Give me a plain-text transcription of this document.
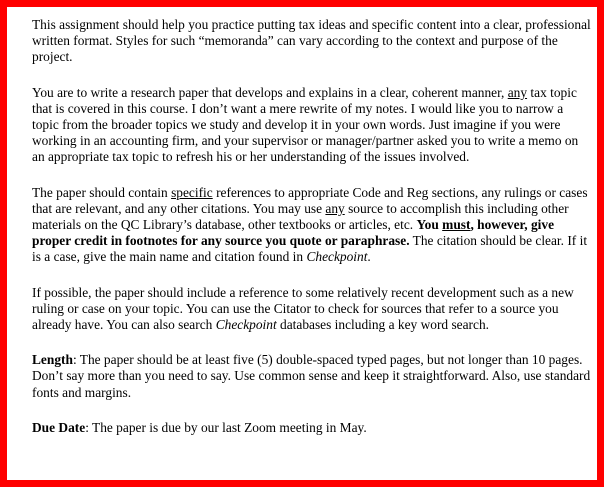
This assignment should help you practice putting tax ideas and specific content into a clear, professional written format. Styles for such “memoranda” can vary according to the context and purpose of the project.

You are to write a research paper that develops and explains in a clear, coherent manner, any tax topic that is covered in this course. I don’t want a mere rewrite of my notes. I would like you to narrow a topic from the broader topics we study and develop it in your own words. Just imagine if you were working in an accounting firm, and your supervisor or manager/partner asked you to write a memo on an appropriate tax topic to refresh his or her understanding of the issues involved.

The paper should contain specific references to appropriate Code and Reg sections, any rulings or cases that are relevant, and any other citations. You may use any source to accomplish this including other materials on the QC Library’s database, other textbooks or articles, etc. You must, however, give proper credit in footnotes for any source you quote or paraphrase. The citation should be clear. If it is a case, give the main name and citation found in Checkpoint.

If possible, the paper should include a reference to some relatively recent development such as a new ruling or case on your topic. You can use the Citator to check for sources that refer to a source you already have. You can also search Checkpoint databases including a key word search.

Length: The paper should be at least five (5) double-spaced typed pages, but not longer than 10 pages. Don’t say more than you need to say. Use common sense and keep it straightforward. Also, use standard fonts and margins.

Due Date: The paper is due by our last Zoom meeting in May.
